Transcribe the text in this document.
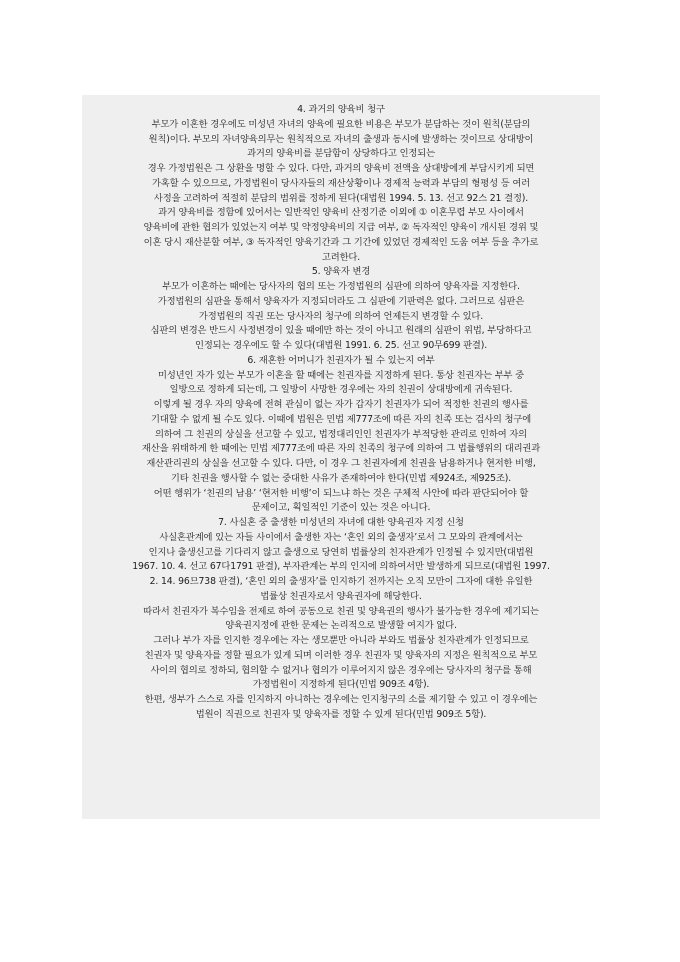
4. 과거의 양육비 청구
부모가 이혼한 경우에도 미성년 자녀의 양육에 필요한 비용은 부모가 분담하는 것이 원칙(분담의
원칙)이다. 부모의 자녀양육의무는 원칙적으로 자녀의 출생과 동시에 발생하는 것이므로 상대방이
과거의 양육비를 분담함이 상당하다고 인정되는
경우 가정법원은 그 상환을 명할 수 있다. 다만, 과거의 양육비 전액을 상대방에게 부담시키게 되면
가혹할 수 있으므로, 가정법원이 당사자들의 재산상황이나 경제적 능력과 부담의 형평성 등 여러
사정을 고려하여 적절히 분담의 범위를 정하게 된다(대법원 1994. 5. 13. 선고 92스 21 결정).
과거 양육비를 정함에 있어서는 일반적인 양육비 산정기준 이외에 ① 이혼무렵 부모 사이에서
양육비에 관한 협의가 있었는지 여부 및 약정양육비의 지급 여부, ② 독자적인 양육이 개시된 경위 및
이혼 당시 재산분할 여부, ③ 독자적인 양육기간과 그 기간에 있었던 경제적인 도움 여부 등을 추가로
고려한다.
5. 양육자 변경
부모가 이혼하는 때에는 당사자의 협의 또는 가정법원의 심판에 의하여 양육자를 지정한다.
가정법원의 심판을 통해서 양육자가 지정되더라도 그 심판에 기판력은 없다. 그러므로 심판은
가정법원의 직권 또는 당사자의 청구에 의하여 언제든지 변경할 수 있다.
심판의 변경은 반드시 사정변경이 있을 때에만 하는 것이 아니고 원래의 심판이 위법, 부당하다고
인정되는 경우에도 할 수 있다(대법원 1991. 6. 25. 선고 90무699 판결).
6. 재혼한 어머니가 친권자가 될 수 있는지 여부
미성년인 자가 있는 부모가 이혼을 할 때에는 친권자를 지정하게 된다. 통상 친권자는 부부 중
일방으로 정하게 되는데, 그 일방이 사망한 경우에는 자의 친권이 상대방에게 귀속된다.
이렇게 될 경우 자의 양육에 전혀 관심이 없는 자가 갑자기 친권자가 되어 적정한 친권의 행사를
기대할 수 없게 될 수도 있다. 이때에 법원은 민법 제777조에 따른 자의 친족 또는 검사의 청구에
의하여 그 친권의 상실을 선고할 수 있고, 법정대리인인 친권자가 부적당한 관리로 인하여 자의
재산을 위태하게 한 때에는 민법 제777조에 따른 자의 친족의 청구에 의하여 그 법률행위의 대리권과
재산관리권의 상실을 선고할 수 있다. 다만, 이 경우 그 친권자에게 친권을 남용하거나 현저한 비행,
기타 친권을 행사할 수 없는 중대한 사유가 존재하여야 한다(민법 제924조, 제925조).
어떤 행위가 ‘친권의 남용’ ‘현저한 비행’이 되느냐 하는 것은 구체적 사안에 따라 판단되어야 할
문제이고, 획일적인 기준이 있는 것은 아니다.
7. 사실혼 중 출생한 미성년의 자녀에 대한 양육권자 지정 신청
사실혼관계에 있는 자들 사이에서 출생한 자는 ‘혼인 외의 출생자’로서 그 모와의 관계에서는
인지나 출생신고를 기다리지 않고 출생으로 당연히 법률상의 친자관계가 인정될 수 있지만(대법원
1967. 10. 4. 선고 67다1791 판결), 부자관계는 부의 인지에 의하여서만 발생하게 되므로(대법원 1997.
2. 14. 96므738 판결), ‘혼인 외의 출생자’를 인지하기 전까지는 오직 모만이 그자에 대한 유일한
법률상 친권자로서 양육권자에 해당한다.
따라서 친권자가 복수임을 전제로 하여 공동으로 친권 및 양육권의 행사가 불가능한 경우에 제기되는
양육권지정에 관한 문제는 논리적으로 발생할 여지가 없다.
그러나 부가 자를 인지한 경우에는 자는 생모뿐만 아니라 부와도 법률상 친자관계가 인정되므로
친권자 및 양육자를 정할 필요가 있게 되며 이러한 경우 친권자 및 양육자의 지정은 원칙적으로 부모
사이의 협의로 정하되, 협의할 수 없거나 협의가 이루어지지 않은 경우에는 당사자의 청구를 통해
가정법원이 지정하게 된다(민법 909조 4항).
한편, 생부가 스스로 자를 인지하지 아니하는 경우에는 인지청구의 소를 제기할 수 있고 이 경우에는
법원이 직권으로 친권자 및 양육자를 정할 수 있게 된다(민법 909조 5항).
